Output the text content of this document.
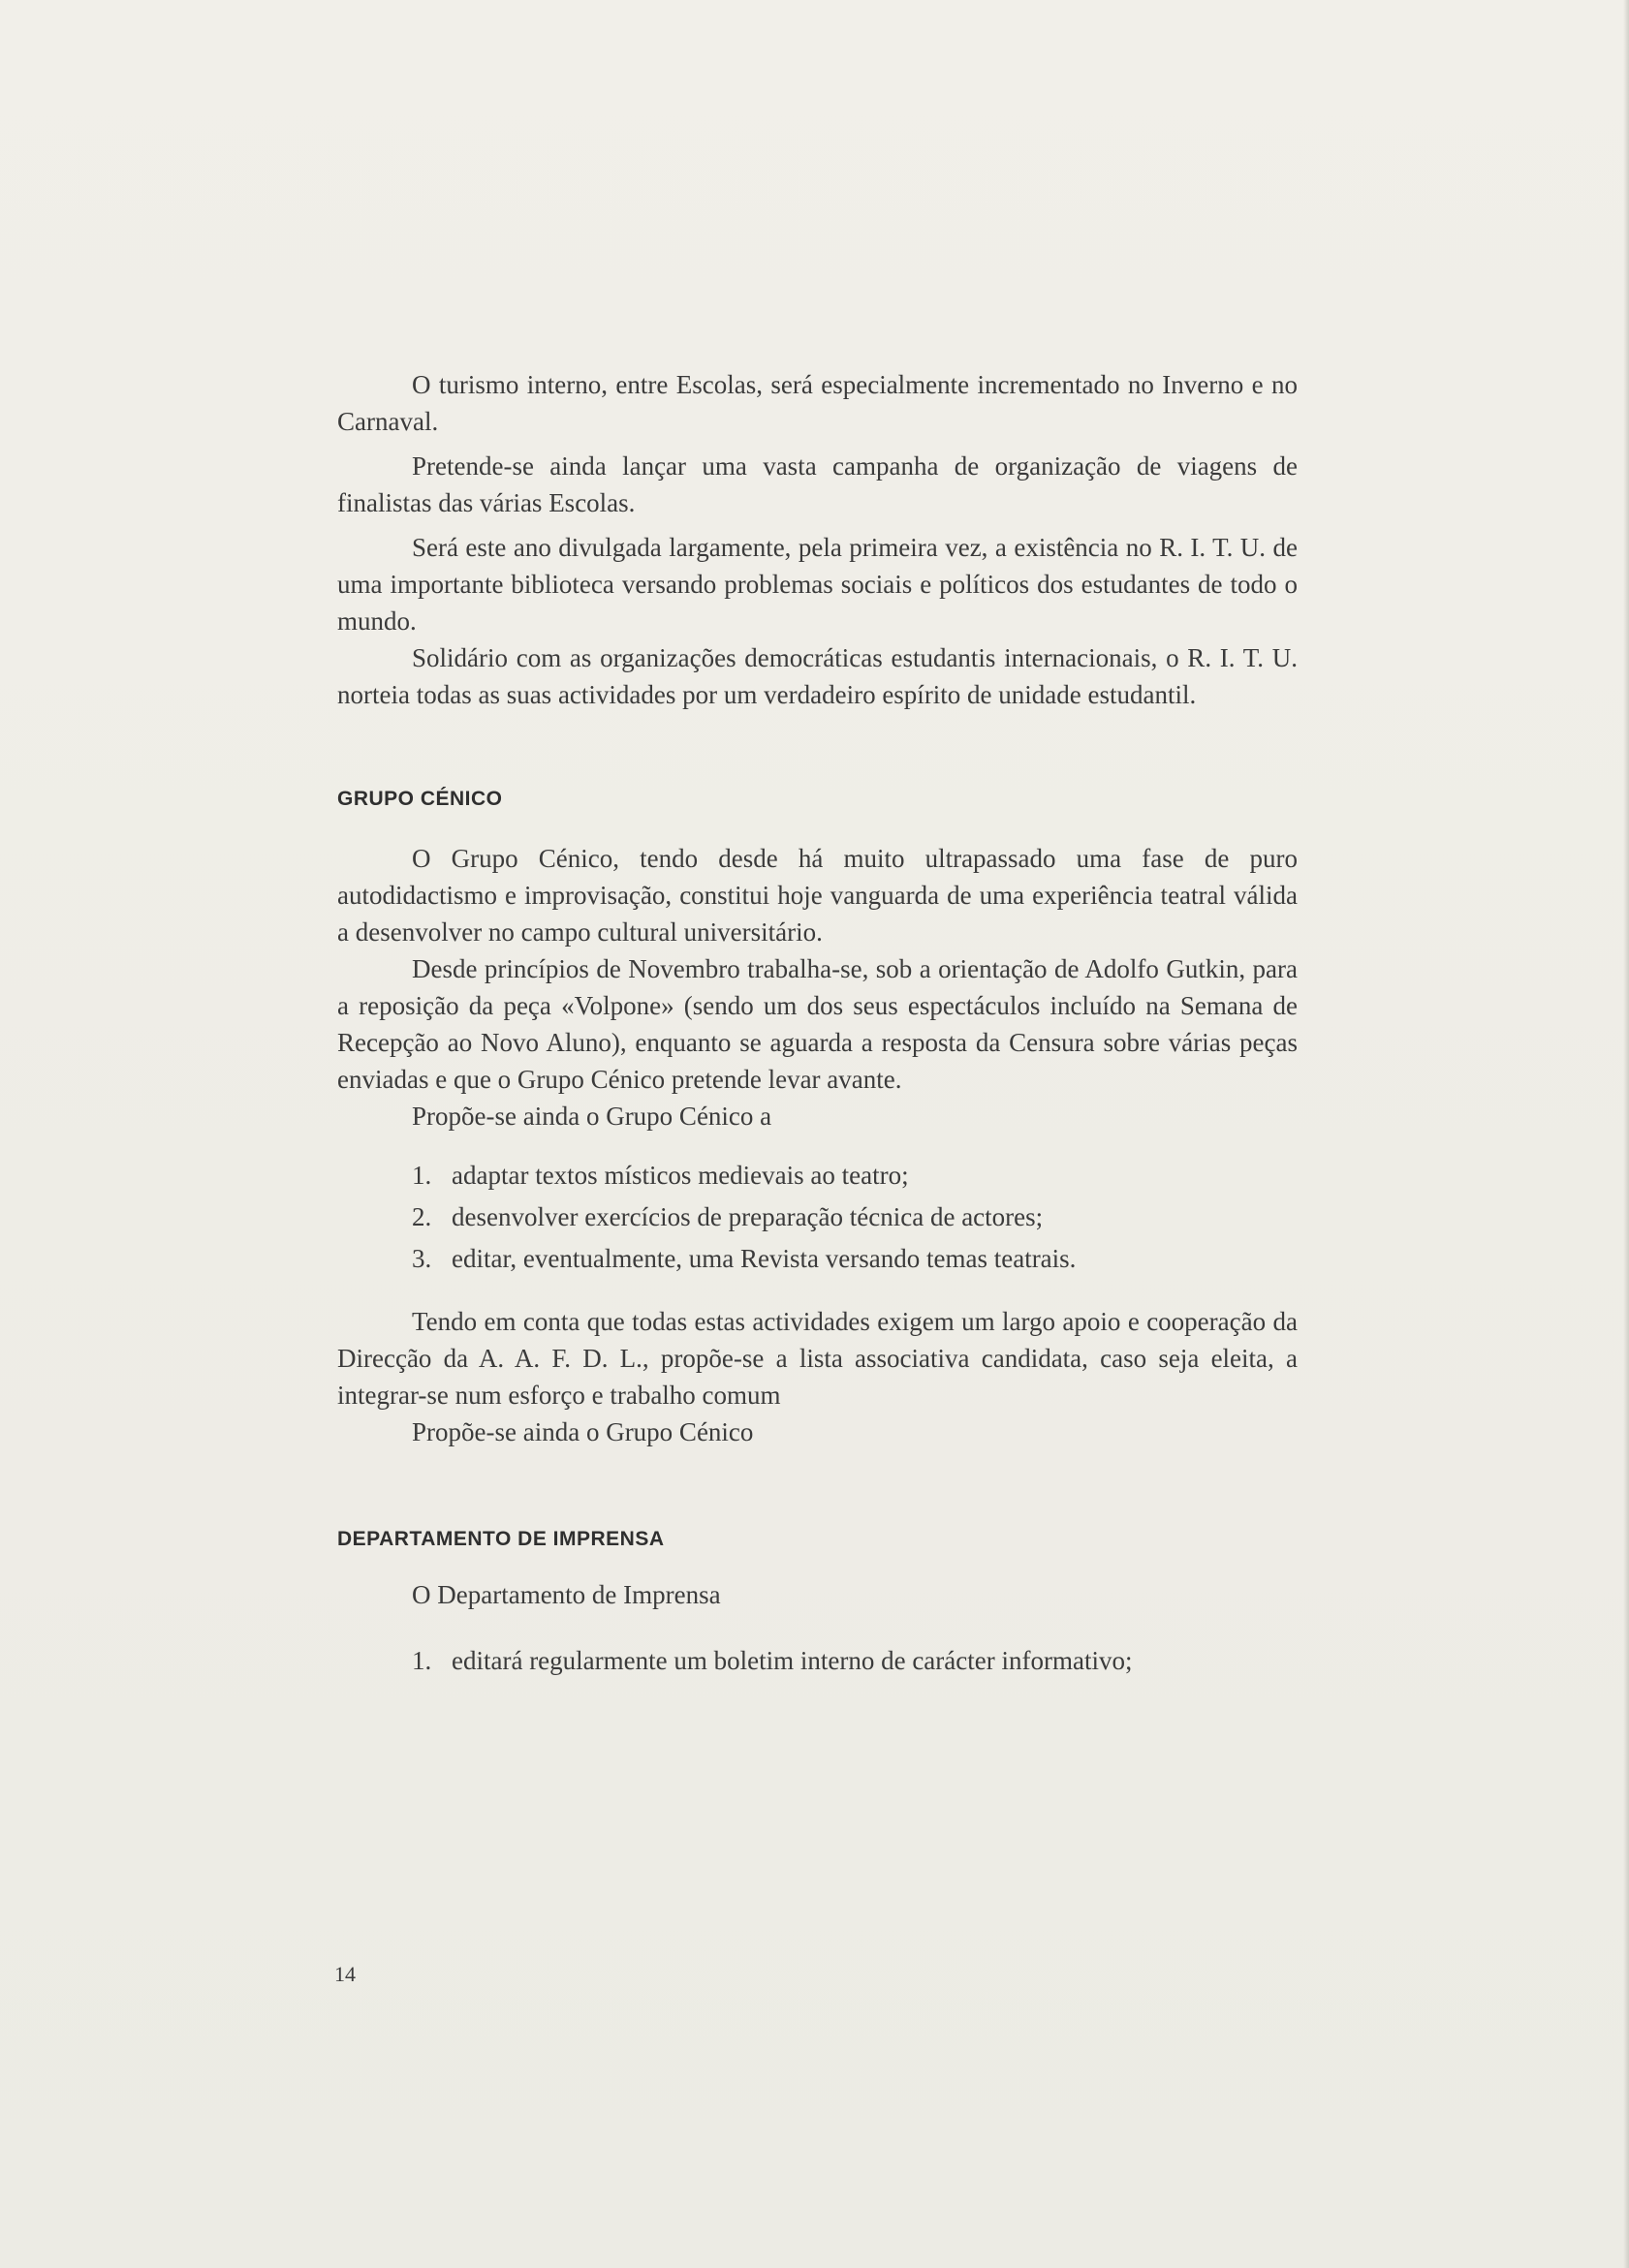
O turismo interno, entre Escolas, será especialmente incrementado no Inverno e no Carnaval.

Pretende-se ainda lançar uma vasta campanha de organização de viagens de finalistas das várias Escolas.

Será este ano divulgada largamente, pela primeira vez, a existência no R. I. T. U. de uma importante biblioteca versando problemas sociais e políticos dos estudantes de todo o mundo.

Solidário com as organizações democráticas estudantis internacionais, o R. I. T. U. norteia todas as suas actividades por um verdadeiro espírito de unidade estudantil.

GRUPO CÉNICO

O Grupo Cénico, tendo desde há muito ultrapassado uma fase de puro autodidactismo e improvisação, constitui hoje vanguarda de uma experiência teatral válida a desenvolver no campo cultural universitário.

Desde princípios de Novembro trabalha-se, sob a orientação de Adolfo Gutkin, para a reposição da peça «Volpone» (sendo um dos seus espectáculos incluído na Semana de Recepção ao Novo Aluno), enquanto se aguarda a resposta da Censura sobre várias peças enviadas e que o Grupo Cénico pretende levar avante.

Propõe-se ainda o Grupo Cénico a

1. adaptar textos místicos medievais ao teatro;
2. desenvolver exercícios de preparação técnica de actores;
3. editar, eventualmente, uma Revista versando temas teatrais.

Tendo em conta que todas estas actividades exigem um largo apoio e cooperação da Direcção da A. A. F. D. L., propõe-se a lista associativa candidata, caso seja eleita, a integrar-se num esforço e trabalho comum

Propõe-se ainda o Grupo Cénico

DEPARTAMENTO DE IMPRENSA

O Departamento de Imprensa

1. editará regularmente um boletim interno de carácter informativo;
14
